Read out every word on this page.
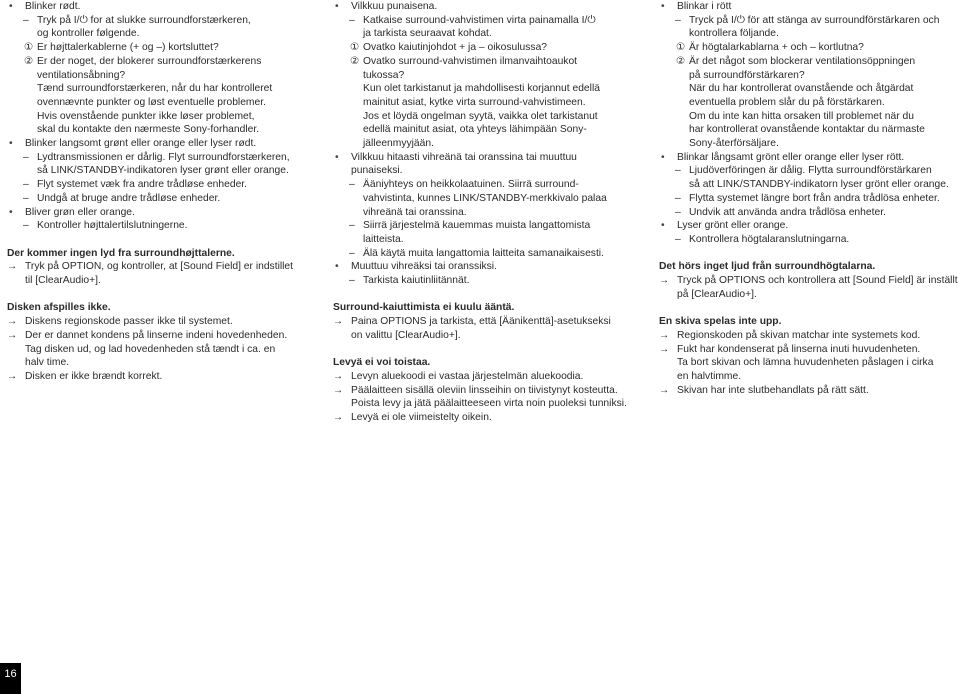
• Blinker rødt.
– Tryk på I/⏻ for at slukke surroundforstærkeren,
og kontroller følgende.
① Er højttalerkablerne (+ og –) kortsluttet?
② Er der noget, der blokerer surroundforstærkerens
ventilationsåbning?
Tænd surroundforstærkeren, når du har kontrolleret
ovennævnte punkter og løst eventuelle problemer.
Hvis ovenstående punkter ikke løser problemet,
skal du kontakte den nærmeste Sony-forhandler.
• Blinker langsomt grønt eller orange eller lyser rødt.
– Lydtransmissionen er dårlig. Flyt surroundforstærkeren,
så LINK/STANDBY-indikatoren lyser grønt eller orange.
– Flyt systemet væk fra andre trådløse enheder.
– Undgå at bruge andre trådløse enheder.
• Bliver grøn eller orange.
– Kontroller højttalertilslutningerne.
Der kommer ingen lyd fra surroundhøjttalerne.
→ Tryk på OPTION, og kontroller, at [Sound Field] er indstillet
til [ClearAudio+].
Disken afspilles ikke.
→ Diskens regionskode passer ikke til systemet.
→ Der er dannet kondens på linserne indeni hovedenheden.
Tag disken ud, og lad hovedenheden stå tændt i ca. en
halv time.
→ Disken er ikke brændt korrekt.
• Vilkkuu punaisena.
– Katkaise surround-vahvistimen virta painamalla I/⏻
ja tarkista seuraavat kohdat.
① Ovatko kaiutinjohdot + ja – oikosulussa?
② Ovatko surround-vahvistimen ilmanvaihtoaukot
tukossa?
Kun olet tarkistanut ja mahdollisesti korjannut edellä
mainitut asiat, kytke virta surround-vahvistimeen.
Jos et löydä ongelman syytä, vaikka olet tarkistanut
edellä mainitut asiat, ota yhteys lähimpään Sony-
jälleenmyyjään.
• Vilkkuu hitaasti vihreänä tai oranssina tai muuttuu
punaiseksi.
– Ääniyhteys on heikkolaatuinen. Siirrä surround-
vahvistinta, kunnes LINK/STANDBY-merkkivalo palaa
vihreänä tai oranssina.
– Siirrä järjestelmä kauemmas muista langattomista
laitteista.
– Älä käytä muita langattomia laitteita samanaikaisesti.
• Muuttuu vihreäksi tai oranssiksi.
– Tarkista kaiutinliitännät.
Surround-kaiuttimista ei kuulu ääntä.
→ Paina OPTIONS ja tarkista, että [Äänikenttä]-asetukseksi
on valittu [ClearAudio+].
Levyä ei voi toistaa.
→ Levyn aluekoodi ei vastaa järjestelmän aluekoodia.
→ Päälaitteen sisällä oleviin linsseihin on tiivistynyt kosteutta.
Poista levy ja jätä päälaitteeseen virta noin puoleksi tunniksi.
→ Levyä ei ole viimeistelty oikein.
• Blinkar i rött
– Tryck på I/⏻ för att stänga av surroundförstärkaren och
kontrollera följande.
① Är högtalarkablarna + och – kortlutna?
② Är det något som blockerar ventilationsöppningen
på surroundförstärkaren?
När du har kontrollerat ovanstående och åtgärdat
eventuella problem slår du på förstärkaren.
Om du inte kan hitta orsaken till problemet när du
har kontrollerat ovanstående kontaktar du närmaste
Sony-återförsäljare.
• Blinkar långsamt grönt eller orange eller lyser rött.
– Ljudöverföringen är dålig. Flytta surroundförstärkaren
så att LINK/STANDBY-indikatorn lyser grönt eller orange.
– Flytta systemet längre bort från andra trådlösa enheter.
– Undvik att använda andra trådlösa enheter.
• Lyser grönt eller orange.
– Kontrollera högtalaranslutningarna.
Det hörs inget ljud från surroundhögtalarna.
→ Tryck på OPTIONS och kontrollera att [Sound Field] är inställt
på [ClearAudio+].
En skiva spelas inte upp.
→ Regionskoden på skivan matchar inte systemets kod.
→ Fukt har kondenserat på linserna inuti huvudenheten.
Ta bort skivan och lämna huvudenheten påslagen i cirka
en halvtimme.
→ Skivan har inte slutbehandlats på rätt sätt.
16
